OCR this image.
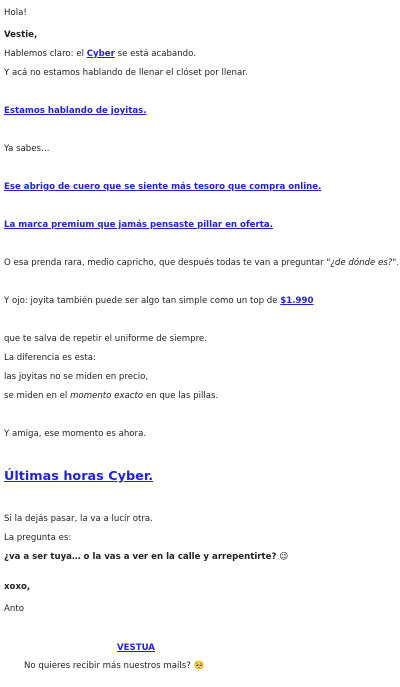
Hola!

Vestie,

Hablemos claro: el Cyber se está acabando.

Y acá no estamos hablando de llenar el clóset por llenar.

Estamos hablando de joyitas.

Ya sabes…

Ese abrigo de cuero que se siente más tesoro que compra online.

La marca premium que jamás pensaste pillar en oferta.

O esa prenda rara, medio capricho, que después todas te van a preguntar "¿de dónde es?".

Y ojo: joyita también puede ser algo tan simple como un top de $1.990

que te salva de repetir el uniforme de siempre.

La diferencia es esta:

las joyitas no se miden en precio,

se miden en el momento exacto en que las pillas.

Y amiga, ese momento es ahora.

Últimas horas Cyber.

Si la dejás pasar, la va a lucir otra.

La pregunta es:

¿va a ser tuya… o la vas a ver en la calle y arrepentirte? 😉

xoxo,

Anto

VESTUA
No quieres recibir más nuestros mails? 🥺
